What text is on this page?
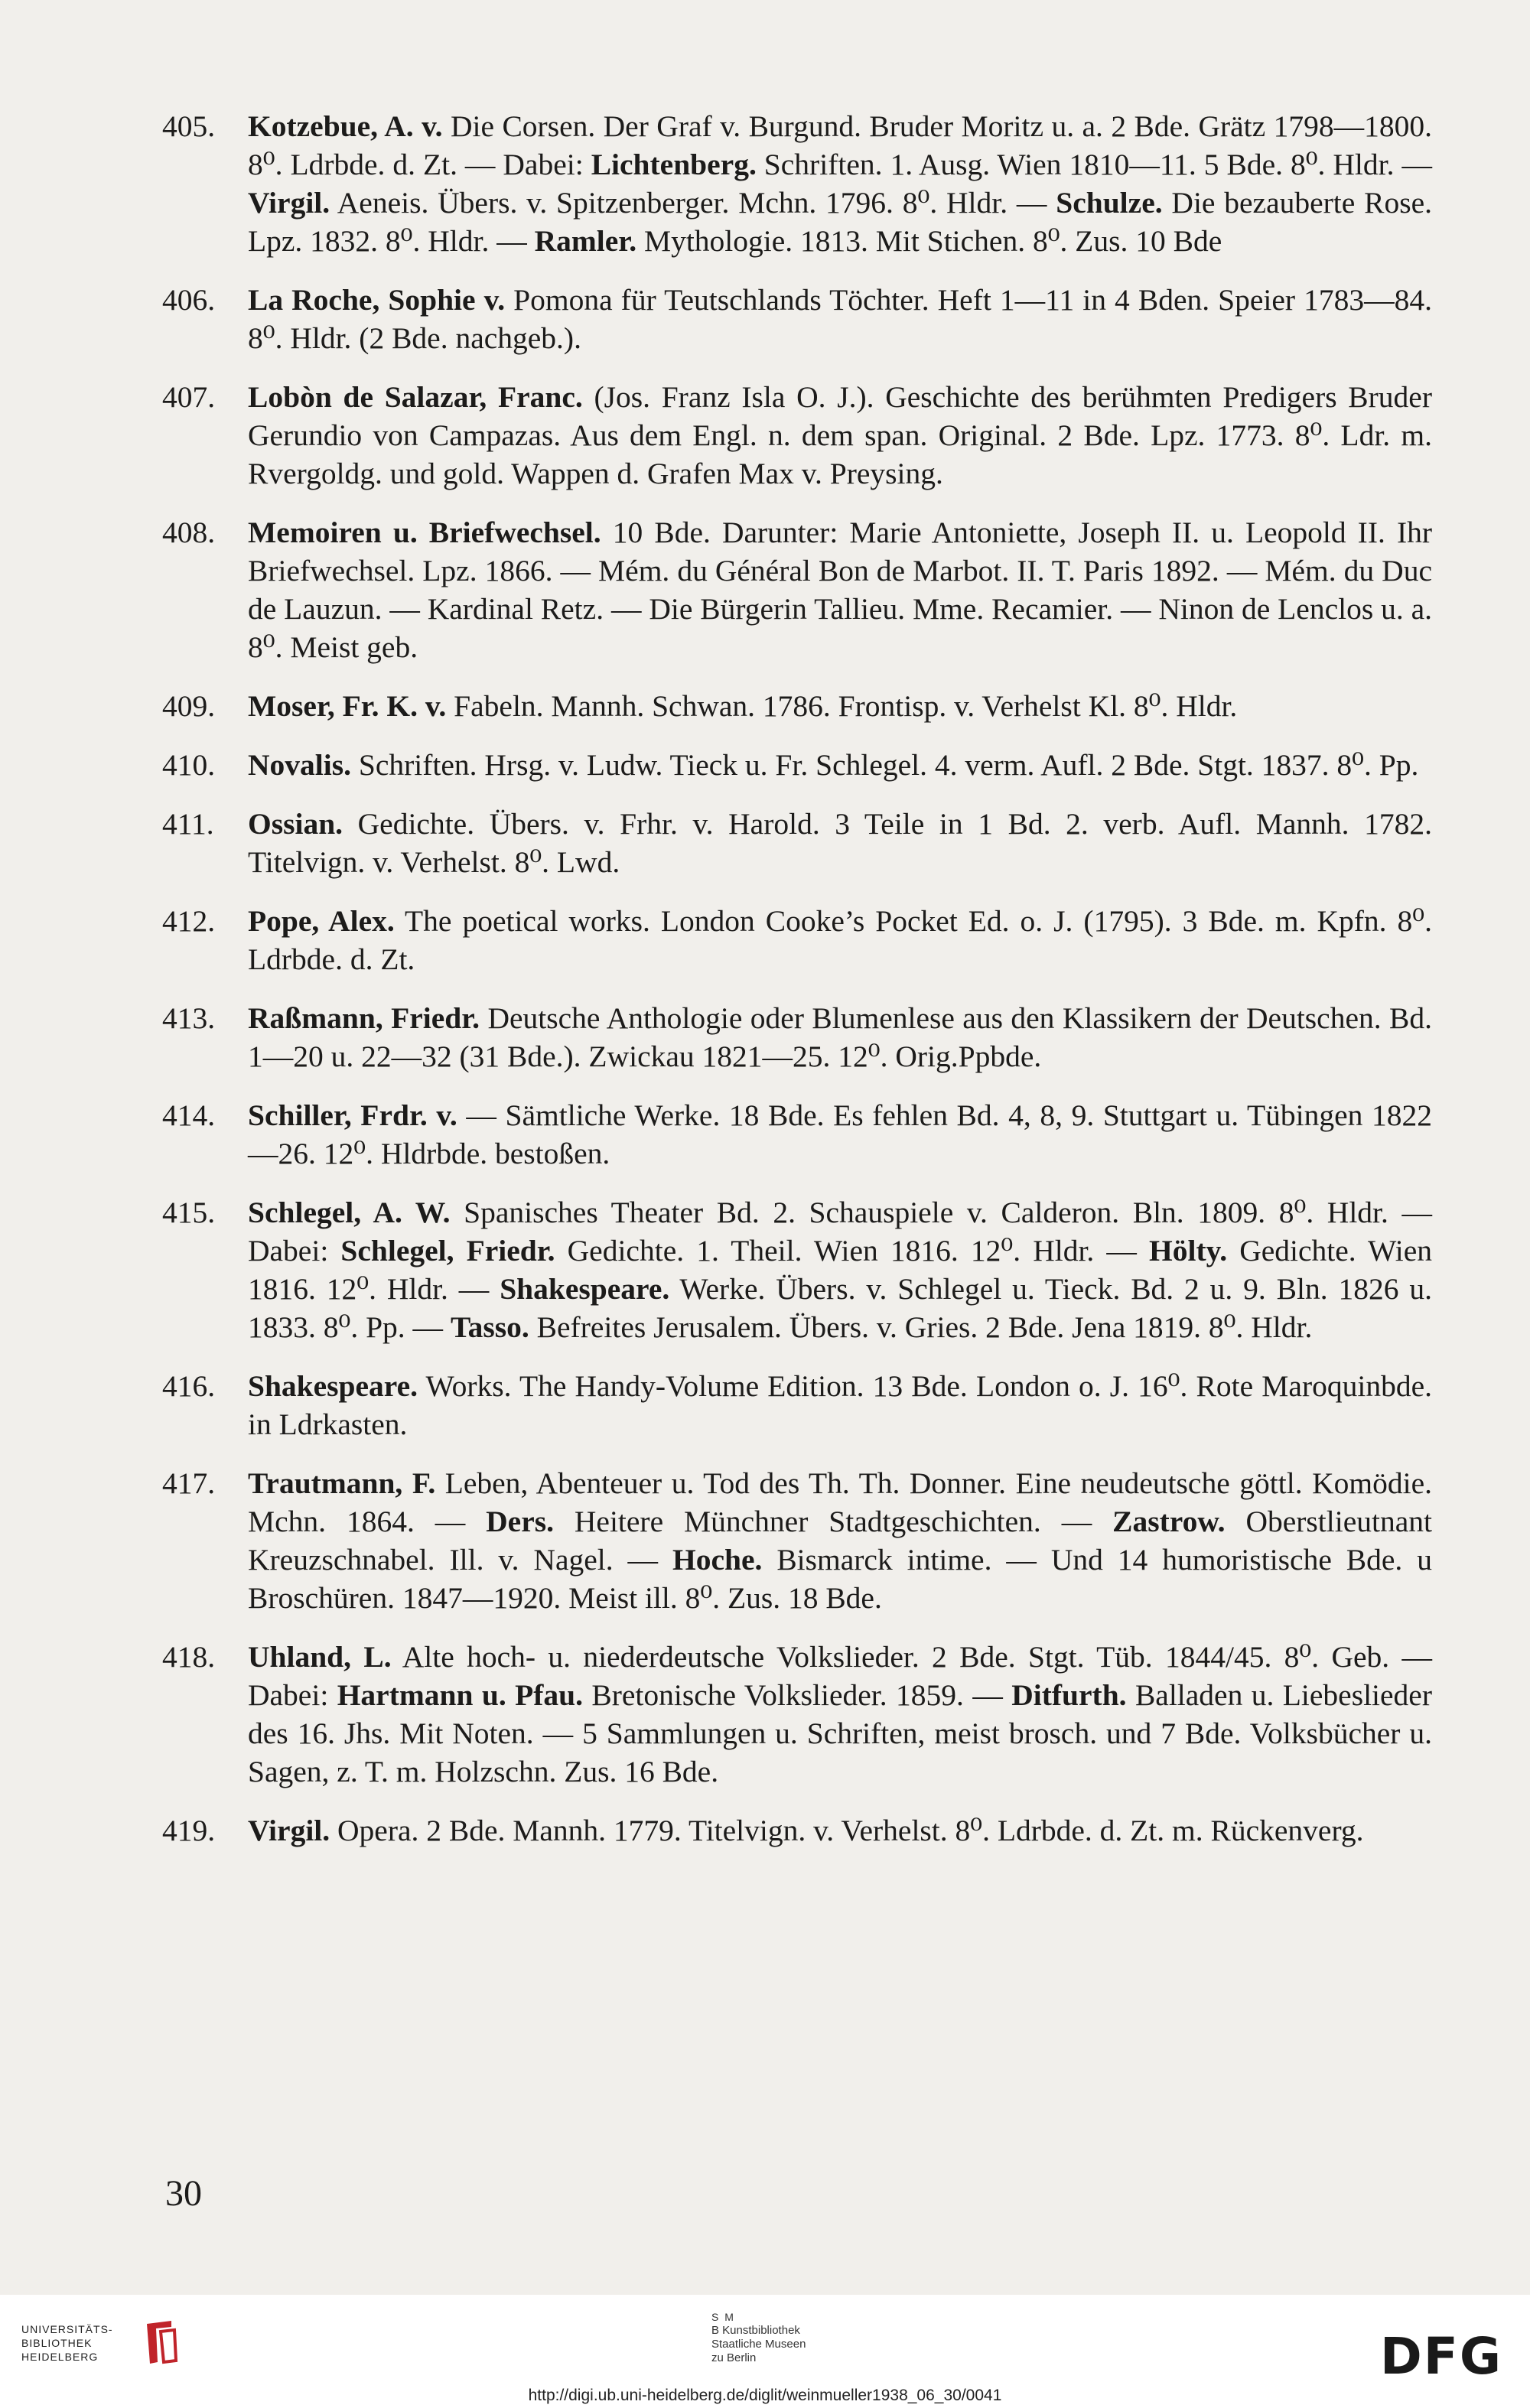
405. Kotzebue, A. v. Die Corsen. Der Graf v. Burgund. Bruder Moritz u. a. 2 Bde. Grätz 1798—1800. 8⁰. Ldrbde. d. Zt. — Dabei: Lichtenberg. Schriften. 1. Ausg. Wien 1810—11. 5 Bde. 8⁰. Hldr. — Virgil. Aeneis. Übers. v. Spitzenberger. Mchn. 1796. 8⁰. Hldr. — Schulze. Die bezauberte Rose. Lpz. 1832. 8⁰. Hldr. — Ramler. Mythologie. 1813. Mit Stichen. 8⁰. Zus. 10 Bde
406. La Roche, Sophie v. Pomona für Teutschlands Töchter. Heft 1—11 in 4 Bden. Speier 1783—84. 8⁰. Hldr. (2 Bde. nachgeb.).
407. Lobòn de Salazar, Franc. (Jos. Franz Isla O. J.). Geschichte des berühmten Predigers Bruder Gerundio von Campazas. Aus dem Engl. n. dem span. Original. 2 Bde. Lpz. 1773. 8⁰. Ldr. m. Rvergoldg. und gold. Wappen d. Grafen Max v. Preysing.
408. Memoiren u. Briefwechsel. 10 Bde. Darunter: Marie Antoniette, Joseph II. u. Leopold II. Ihr Briefwechsel. Lpz. 1866. — Mém. du Général Bon de Marbot. II. T. Paris 1892. — Mém. du Duc de Lauzun. — Kardinal Retz. — Die Bürgerin Tallieu. Mme. Recamier. — Ninon de Lenclos u. a. 8⁰. Meist geb.
409. Moser, Fr. K. v. Fabeln. Mannh. Schwan. 1786. Frontisp. v. Verhelst Kl. 8⁰. Hldr.
410. Novalis. Schriften. Hrsg. v. Ludw. Tieck u. Fr. Schlegel. 4. verm. Aufl. 2 Bde. Stgt. 1837. 8⁰. Pp.
411. Ossian. Gedichte. Übers. v. Frhr. v. Harold. 3 Teile in 1 Bd. 2. verb. Aufl. Mannh. 1782. Titelvign. v. Verhelst. 8⁰. Lwd.
412. Pope, Alex. The poetical works. London Cooke’s Pocket Ed. o. J. (1795). 3 Bde. m. Kpfn. 8⁰. Ldrbde. d. Zt.
413. Raßmann, Friedr. Deutsche Anthologie oder Blumenlese aus den Klassikern der Deutschen. Bd. 1—20 u. 22—32 (31 Bde.). Zwickau 1821—25. 12⁰. Orig.Ppbde.
414. Schiller, Frdr. v. — Sämtliche Werke. 18 Bde. Es fehlen Bd. 4, 8, 9. Stuttgart u. Tübingen 1822—26. 12⁰. Hldrbde. bestoßen.
415. Schlegel, A. W. Spanisches Theater Bd. 2. Schauspiele v. Calderon. Bln. 1809. 8⁰. Hldr. — Dabei: Schlegel, Friedr. Gedichte. 1. Theil. Wien 1816. 12⁰. Hldr. — Hölty. Gedichte. Wien 1816. 12⁰. Hldr. — Shakespeare. Werke. Übers. v. Schlegel u. Tieck. Bd. 2 u. 9. Bln. 1826 u. 1833. 8⁰. Pp. — Tasso. Befreites Jerusalem. Übers. v. Gries. 2 Bde. Jena 1819. 8⁰. Hldr.
416. Shakespeare. Works. The Handy-Volume Edition. 13 Bde. London o. J. 16⁰. Rote Maroquinbde. in Ldrkasten.
417. Trautmann, F. Leben, Abenteuer u. Tod des Th. Th. Donner. Eine neudeutsche göttl. Komödie. Mchn. 1864. — Ders. Heitere Münchner Stadtgeschichten. — Zastrow. Oberstlieutnant Kreuzschnabel. Ill. v. Nagel. — Hoche. Bismarck intime. — Und 14 humoristische Bde. u Broschüren. 1847—1920. Meist ill. 8⁰. Zus. 18 Bde.
418. Uhland, L. Alte hoch- u. niederdeutsche Volkslieder. 2 Bde. Stgt. Tüb. 1844/45. 8⁰. Geb. — Dabei: Hartmann u. Pfau. Bretonische Volkslieder. 1859. — Ditfurth. Balladen u. Liebeslieder des 16. Jhs. Mit Noten. — 5 Sammlungen u. Schriften, meist brosch. und 7 Bde. Volksbücher u. Sagen, z. T. m. Holzschn. Zus. 16 Bde.
419. Virgil. Opera. 2 Bde. Mannh. 1779. Titelvign. v. Verhelst. 8⁰. Ldrbde. d. Zt. m. Rückenverg.
30
UNIVERSITÄTS-
BIBLIOTHEK
HEIDELBERG
S M
B Kunstbibliothek
Staatliche Museen
zu Berlin	DFG
http://digi.ub.uni-heidelberg.de/diglit/weinmueller1938_06_30/0041
